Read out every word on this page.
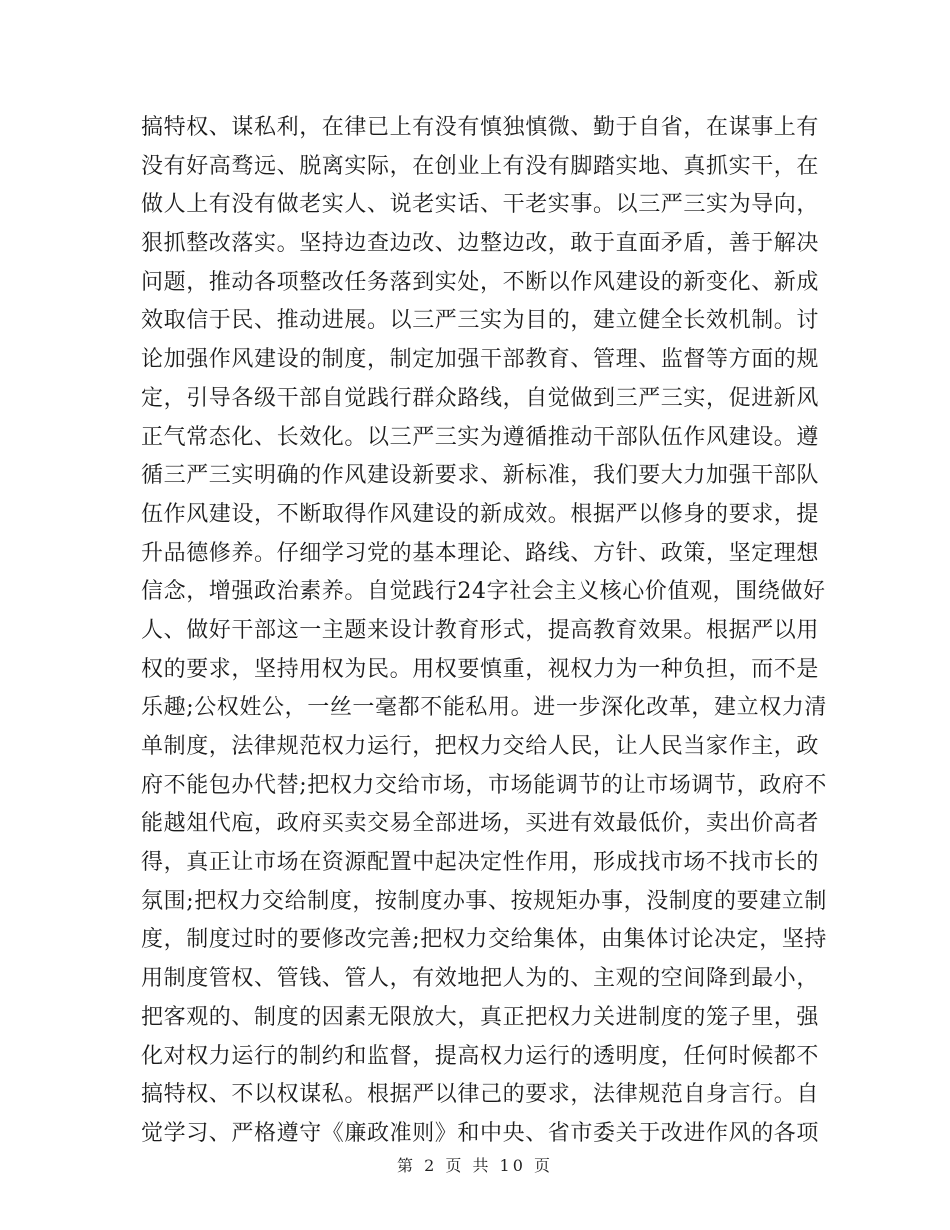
搞特权、谋私利，在律已上有没有慎独慎微、勤于自省，在谋事上有
没有好高骛远、脱离实际，在创业上有没有脚踏实地、真抓实干，在
做人上有没有做老实人、说老实话、干老实事。以三严三实为导向，
狠抓整改落实。坚持边查边改、边整边改，敢于直面矛盾，善于解决
问题，推动各项整改任务落到实处，不断以作风建设的新变化、新成
效取信于民、推动进展。以三严三实为目的，建立健全长效机制。讨
论加强作风建设的制度，制定加强干部教育、管理、监督等方面的规
定，引导各级干部自觉践行群众路线，自觉做到三严三实，促进新风
正气常态化、长效化。以三严三实为遵循推动干部队伍作风建设。遵
循三严三实明确的作风建设新要求、新标准，我们要大力加强干部队
伍作风建设，不断取得作风建设的新成效。根据严以修身的要求，提
升品德修养。仔细学习党的基本理论、路线、方针、政策，坚定理想
信念，增强政治素养。自觉践行24字社会主义核心价值观，围绕做好
人、做好干部这一主题来设计教育形式，提高教育效果。根据严以用
权的要求，坚持用权为民。用权要慎重，视权力为一种负担，而不是
乐趣;公权姓公，一丝一毫都不能私用。进一步深化改革，建立权力清
单制度，法律规范权力运行，把权力交给人民，让人民当家作主，政
府不能包办代替;把权力交给市场，市场能调节的让市场调节，政府不
能越俎代庖，政府买卖交易全部进场，买进有效最低价，卖出价高者
得，真正让市场在资源配置中起决定性作用，形成找市场不找市长的
氛围;把权力交给制度，按制度办事、按规矩办事，没制度的要建立制
度，制度过时的要修改完善;把权力交给集体，由集体讨论决定，坚持
用制度管权、管钱、管人，有效地把人为的、主观的空间降到最小，
把客观的、制度的因素无限放大，真正把权力关进制度的笼子里，强
化对权力运行的制约和监督，提高权力运行的透明度，任何时候都不
搞特权、不以权谋私。根据严以律己的要求，法律规范自身言行。自
觉学习、严格遵守《廉政准则》和中央、省市委关于改进作风的各项
第 2 页 共 10 页
